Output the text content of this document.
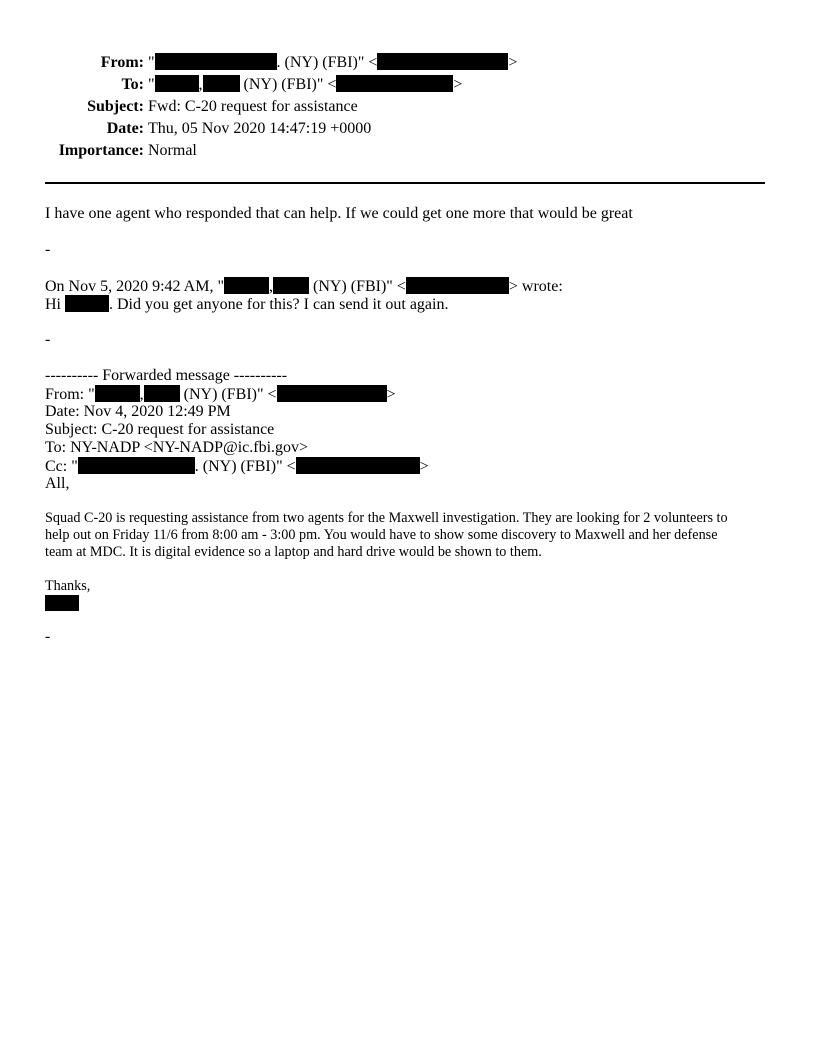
From: "	. (NY) (FBI)" <	>
To: "	, (NY) (FBI)" <	>
Subject: Fwd: C-20 request for assistance
Date: Thu, 05 Nov 2020 14:47:19 +0000
Importance: Normal
I have one agent who responded that can help. If we could get one more that would be great
-
On Nov 5, 2020 9:42 AM, "	, (NY) (FBI)" <	> wrote:
Hi	. Did you get anyone for this? I can send it out again.
-
---------- Forwarded message ----------
From: "	, (NY) (FBI)" <	>
Date: Nov 4, 2020 12:49 PM
Subject: C-20 request for assistance
To: NY-NADP <NY-NADP@ic.fbi.gov>
Cc: "	. (NY) (FBI)" <	>
All,
Squad C-20 is requesting assistance from two agents for the Maxwell investigation. They are looking for 2 volunteers to
help out on Friday 11/6 from 8:00 am - 3:00 pm. You would have to show some discovery to Maxwell and her defense
team at MDC. It is digital evidence so a laptop and hard drive would be shown to them.
Thanks,
-
